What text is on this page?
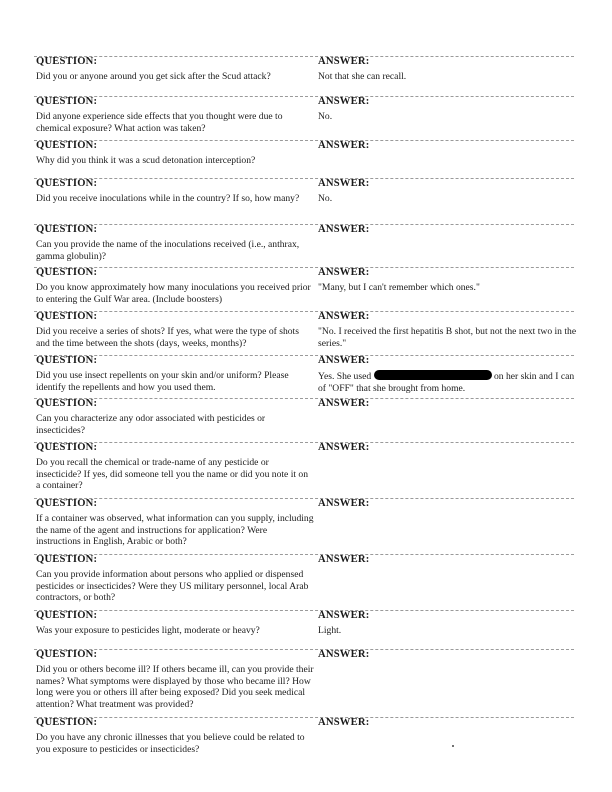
QUESTION:
Did you or anyone around you get sick after the Scud attack?
ANSWER:
Not that she can recall.
QUESTION:
Did anyone experience side effects that you thought were due to chemical exposure? What action was taken?
ANSWER:
No.
QUESTION:
Why did you think it was a scud detonation interception?
ANSWER:
QUESTION:
Did you receive inoculations while in the country? If so, how many?
ANSWER:
No.
QUESTION:
Can you provide the name of the inoculations received (i.e., anthrax, gamma globulin)?
ANSWER:
QUESTION:
Do you know approximately how many inoculations you received prior to entering the Gulf War area. (Include boosters)
ANSWER:
"Many, but I can't remember which ones."
QUESTION:
Did you receive a series of shots? If yes, what were the type of shots and the time between the shots (days, weeks, months)?
ANSWER:
"No. I received the first hepatitis B shot, but not the next two in the series."
QUESTION:
Did you use insect repellents on your skin and/or uniform? Please identify the repellents and how you used them.
ANSWER:
Yes. She used	on her skin and I can of "OFF" that she brought from home.
QUESTION:
Can you characterize any odor associated with pesticides or insecticides?
ANSWER:
QUESTION:
Do you recall the chemical or trade-name of any pesticide or insecticide? If yes, did someone tell you the name or did you note it on a container?
ANSWER:
QUESTION:
If a container was observed, what information can you supply, including the name of the agent and instructions for application? Were instructions in English, Arabic or both?
ANSWER:
QUESTION:
Can you provide information about persons who applied or dispensed pesticides or insecticides? Were they US military personnel, local Arab contractors, or both?
ANSWER:
QUESTION:
Was your exposure to pesticides light, moderate or heavy?
ANSWER:
Light.
QUESTION:
Did you or others become ill? If others became ill, can you provide their names? What symptoms were displayed by those who became ill? How long were you or others ill after being exposed? Did you seek medical attention? What treatment was provided?
ANSWER:
QUESTION:
Do you have any chronic illnesses that you believe could be related to you exposure to pesticides or insecticides?
ANSWER:
